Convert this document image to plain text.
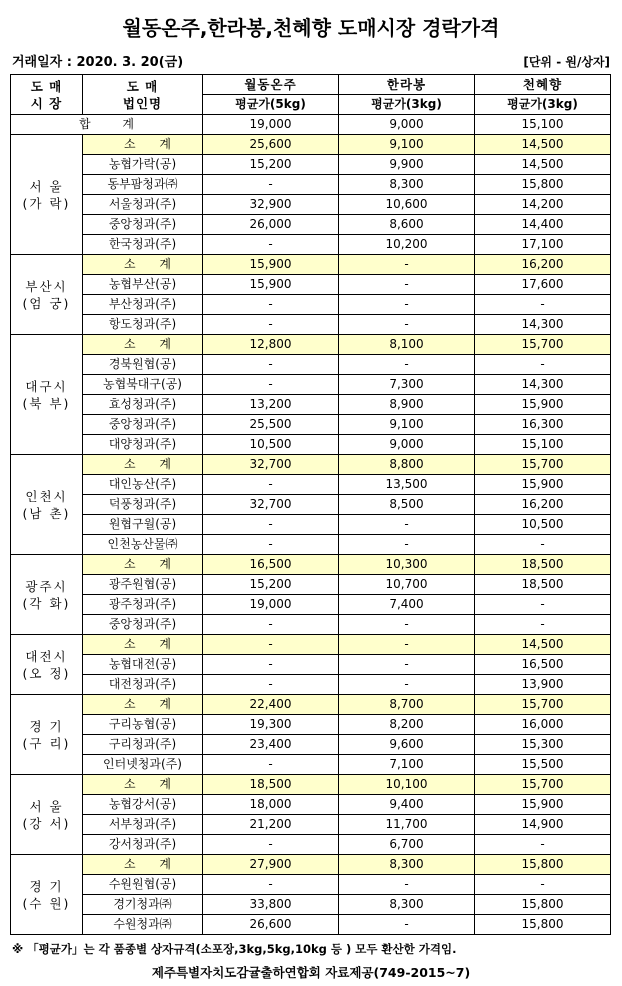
월동온주,한라봉,천혜향 도매시장 경락가격
거래일자 : 2020. 3. 20(금)	[단위 - 원/상자]
도 매
시 장	도 매
법인명	월동온주	한라봉	천혜향
		평균가(5kg)	평균가(3kg)	평균가(3kg)
합 계		19,000	9,000	15,100

서 울
(가 락)	소 계	25,600	9,100	14,500
	농협가락(공)	15,200	9,900	14,500
	동부팜청과㈜	-	8,300	15,800
	서울청과(주)	32,900	10,600	14,200
	중앙청과(주)	26,000	8,600	14,400
	한국청과(주)	-	10,200	17,100

부산시
(엄 궁)	소 계	15,900	-	16,200
	농협부산(공)	15,900	-	17,600
	부산청과(주)	-	-	-
	항도청과(주)	-	-	14,300

대구시
(북 부)	소 계	12,800	8,100	15,700
	경북원협(공)	-	-	-
	농협북대구(공)	-	7,300	14,300
	효성청과(주)	13,200	8,900	15,900
	중앙청과(주)	25,500	9,100	16,300
	대양청과(주)	10,500	9,000	15,100

인천시
(남 촌)	소 계	32,700	8,800	15,700
	대인농산(주)	-	13,500	15,900
	덕풍청과(주)	32,700	8,500	16,200
	원협구월(공)	-	-	10,500
	인천농산물㈜	-	-	-

광주시
(각 화)	소 계	16,500	10,300	18,500
	광주원협(공)	15,200	10,700	18,500
	광주청과(주)	19,000	7,400	-
	중앙청과(주)	-	-	-

대전시
(오 정)	소 계	-	-	14,500
	농협대전(공)	-	-	16,500
	대전청과(주)	-	-	13,900

경 기
(구 리)	소 계	22,400	8,700	15,700
	구리농협(공)	19,300	8,200	16,000
	구리청과(주)	23,400	9,600	15,300
	인터넷청과(주)	-	7,100	15,500

서 울
(강 서)	소 계	18,500	10,100	15,700
	농협강서(공)	18,000	9,400	15,900
	서부청과(주)	21,200	11,700	14,900
	강서청과(주)	-	6,700	-

경 기
(수 원)	소 계	27,900	8,300	15,800
	수원원협(공)	-	-	-
	경기청과㈜	33,800	8,300	15,800
	수원청과㈜	26,600	-	15,800
※ 「평균가」는 각 품종별 상자규격(소포장,3kg,5kg,10kg 등 ) 모두 환산한 가격임.
제주특별자치도감귤출하연합회 자료제공(749-2015~7)
